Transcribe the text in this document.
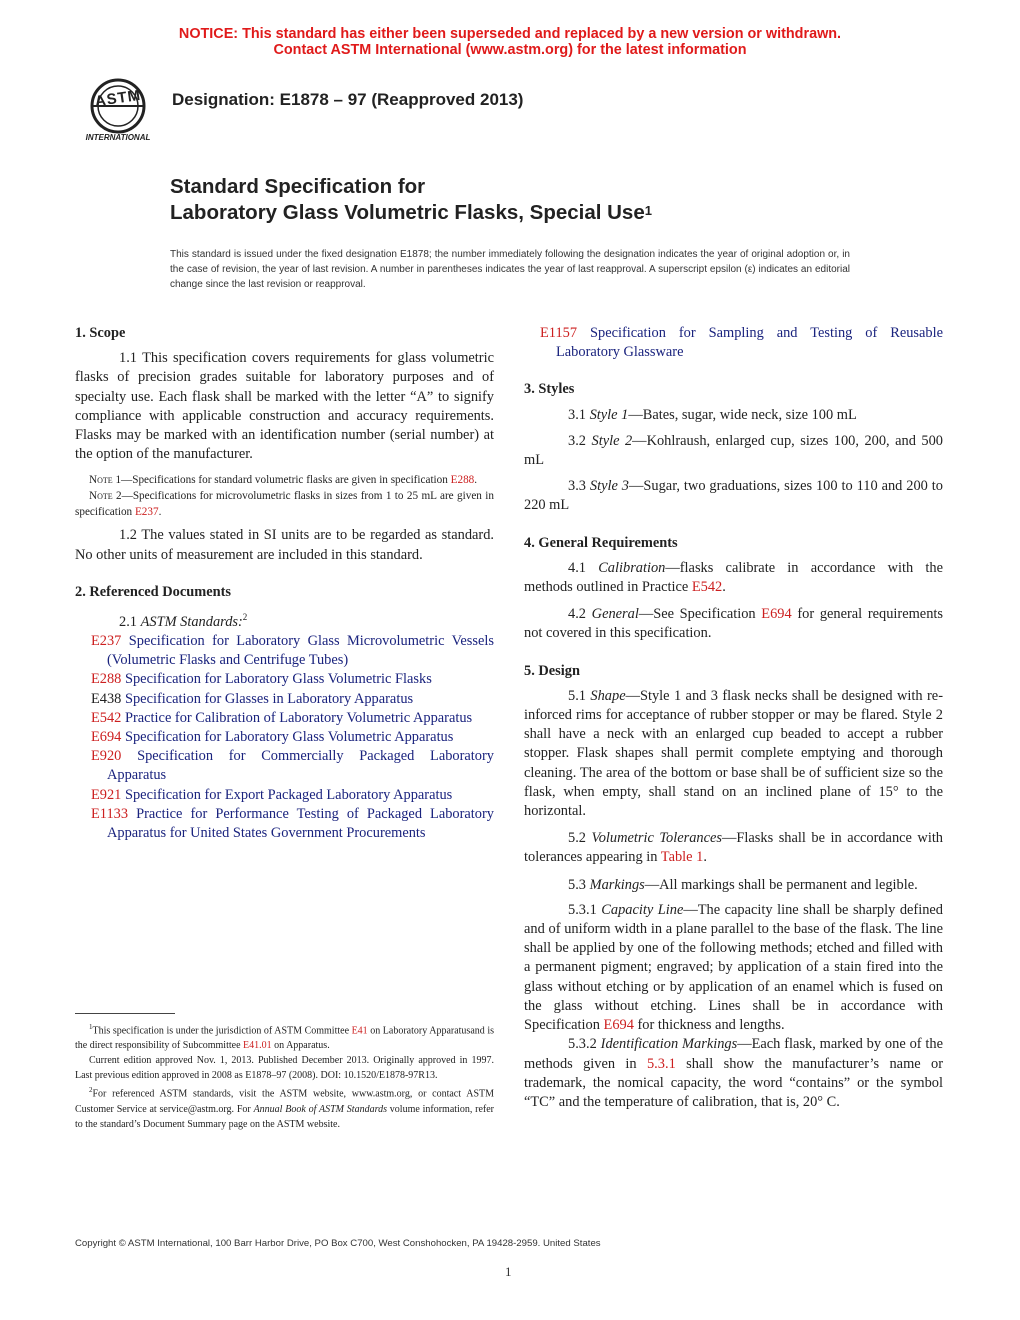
NOTICE: This standard has either been superseded and replaced by a new version or withdrawn.
Contact ASTM International (www.astm.org) for the latest information
ASTM
INTERNATIONAL
Designation: E1878 – 97 (Reapproved 2013)
Standard Specification for
Laboratory Glass Volumetric Flasks, Special Use$^1$
This standard is issued under the fixed designation E1878; the number immediately following the designation indicates the year of original adoption or, in the case of revision, the year of last revision. A number in parentheses indicates the year of last reapproval. A superscript epsilon (ε) indicates an editorial change since the last revision or reapproval.

1. Scope

1.1 This specification covers requirements for glass volumetric flasks of precision grades suitable for laboratory purposes and of specialty use. Each flask shall be marked with the letter “A” to signify compliance with applicable construction and accuracy requirements. Flasks may be marked with an identification number (serial number) at the option of the manufacturer.

Note 1—Specifications for standard volumetric flasks are given in specification E288.

Note 2—Specifications for microvolumetric flasks in sizes from 1 to 25 mL are given in specification E237.

1.2 The values stated in SI units are to be regarded as standard. No other units of measurement are included in this standard.

2. Referenced Documents

2.1 ASTM Standards:$^2$

E237 Specification for Laboratory Glass Microvolumetric Vessels (Volumetric Flasks and Centrifuge Tubes)

E288 Specification for Laboratory Glass Volumetric Flasks

E438 Specification for Glasses in Laboratory Apparatus

E542 Practice for Calibration of Laboratory Volumetric Apparatus

E694 Specification for Laboratory Glass Volumetric Apparatus

E920 Specification for Commercially Packaged Laboratory Apparatus

E921 Specification for Export Packaged Laboratory Apparatus

E1133 Practice for Performance Testing of Packaged Laboratory Apparatus for United States Government Procurements

$^1$This specification is under the jurisdiction of ASTM Committee E41 on Laboratory Apparatusand is the direct responsibility of Subcommittee E41.01 on Apparatus.

Current edition approved Nov. 1, 2013. Published December 2013. Originally approved in 1997. Last previous edition approved in 2008 as E1878–97 (2008). DOI: 10.1520/E1878-97R13.

$^2$For referenced ASTM standards, visit the ASTM website, www.astm.org, or contact ASTM Customer Service at service@astm.org. For Annual Book of ASTM Standards volume information, refer to the standard’s Document Summary page on the ASTM website.

E1157 Specification for Sampling and Testing of Reusable Laboratory Glassware

3. Styles

3.1 Style 1—Bates, sugar, wide neck, size 100 mL

3.2 Style 2—Kohlraush, enlarged cup, sizes 100, 200, and 500 mL

3.3 Style 3—Sugar, two graduations, sizes 100 to 110 and 200 to 220 mL

4. General Requirements

4.1 Calibration—flasks calibrate in accordance with the methods outlined in Practice E542.

4.2 General—See Specification E694 for general requirements not covered in this specification.

5. Design

5.1 Shape—Style 1 and 3 flask necks shall be designed with re-inforced rims for acceptance of rubber stopper or may be flared. Style 2 shall have a neck with an enlarged cup beaded to accept a rubber stopper. Flask shapes shall permit complete emptying and thorough cleaning. The area of the bottom or base shall be of sufficient size so the flask, when empty, shall stand on an inclined plane of 15° to the horizontal.

5.2 Volumetric Tolerances—Flasks shall be in accordance with tolerances appearing in Table 1.

5.3 Markings—All markings shall be permanent and legible.

5.3.1 Capacity Line—The capacity line shall be sharply defined and of uniform width in a plane parallel to the base of the flask. The line shall be applied by one of the following methods; etched and filled with a permanent pigment; engraved; by application of a stain fired into the glass without etching or by application of an enamel which is fused on the glass without etching. Lines shall be in accordance with Specification E694 for thickness and lengths.

5.3.2 Identification Markings—Each flask, marked by one of the methods given in 5.3.1 shall show the manufacturer’s name or trademark, the nomical capacity, the word “contains” or the symbol “TC” and the temperature of calibration, that is, 20° C.

Copyright © ASTM International, 100 Barr Harbor Drive, PO Box C700, West Conshohocken, PA 19428-2959. United States
1
